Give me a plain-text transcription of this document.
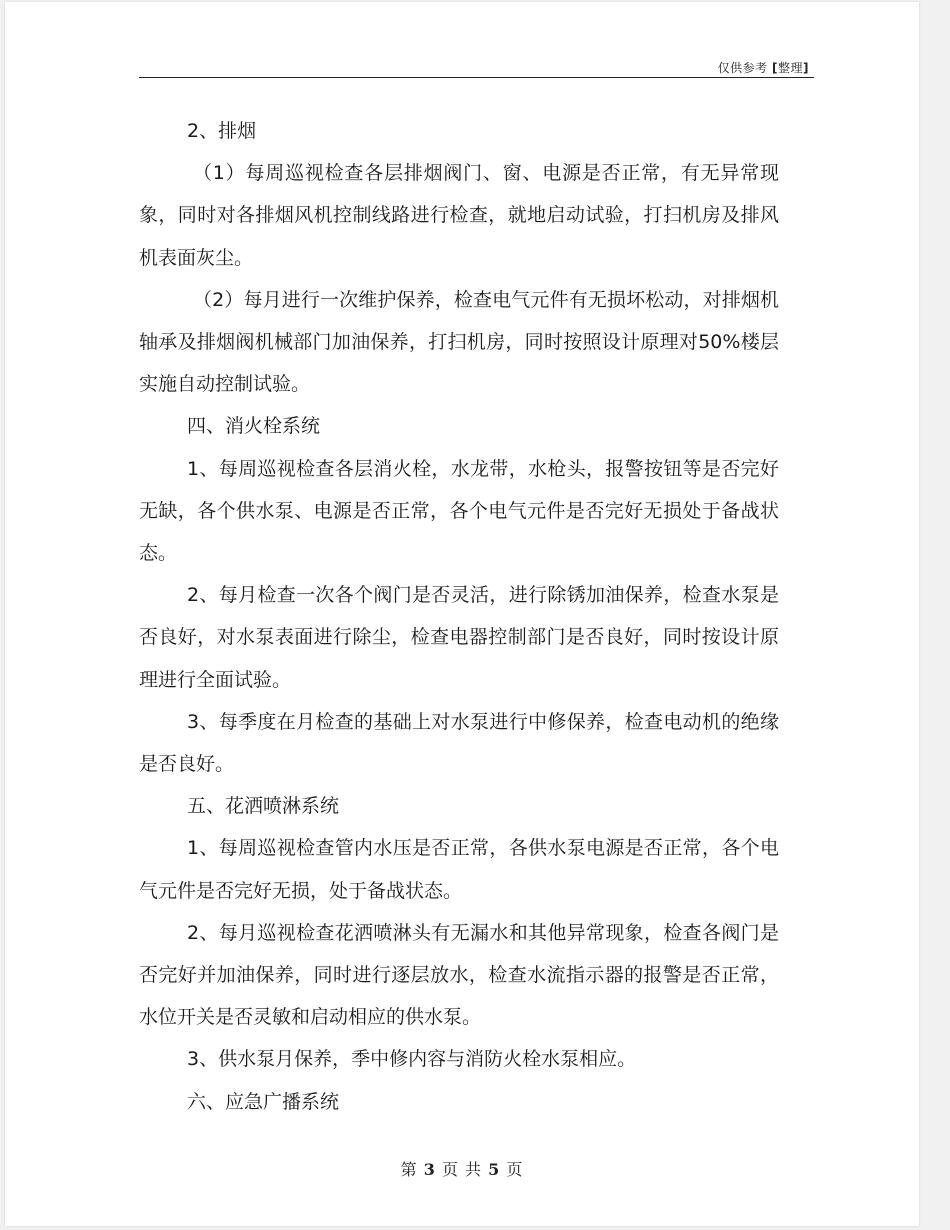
仅供参考 [整理]

2、排烟

（1）每周巡视检查各层排烟阀门、窗、电源是否正常，有无异常现象，同时对各排烟风机控制线路进行检查，就地启动试验，打扫机房及排风机表面灰尘。

（2）每月进行一次维护保养，检查电气元件有无损坏松动，对排烟机轴承及排烟阀机械部门加油保养，打扫机房，同时按照设计原理对50%楼层实施自动控制试验。

四、消火栓系统

1、每周巡视检查各层消火栓，水龙带，水枪头，报警按钮等是否完好无缺，各个供水泵、电源是否正常，各个电气元件是否完好无损处于备战状态。

2、每月检查一次各个阀门是否灵活，进行除锈加油保养，检查水泵是否良好，对水泵表面进行除尘，检查电器控制部门是否良好，同时按设计原理进行全面试验。

3、每季度在月检查的基础上对水泵进行中修保养，检查电动机的绝缘是否良好。

五、花洒喷淋系统

1、每周巡视检查管内水压是否正常，各供水泵电源是否正常，各个电气元件是否完好无损，处于备战状态。

2、每月巡视检查花洒喷淋头有无漏水和其他异常现象，检查各阀门是否完好并加油保养，同时进行逐层放水，检查水流指示器的报警是否正常，水位开关是否灵敏和启动相应的供水泵。

3、供水泵月保养，季中修内容与消防火栓水泵相应。

六、应急广播系统

第 3 页 共 5 页
